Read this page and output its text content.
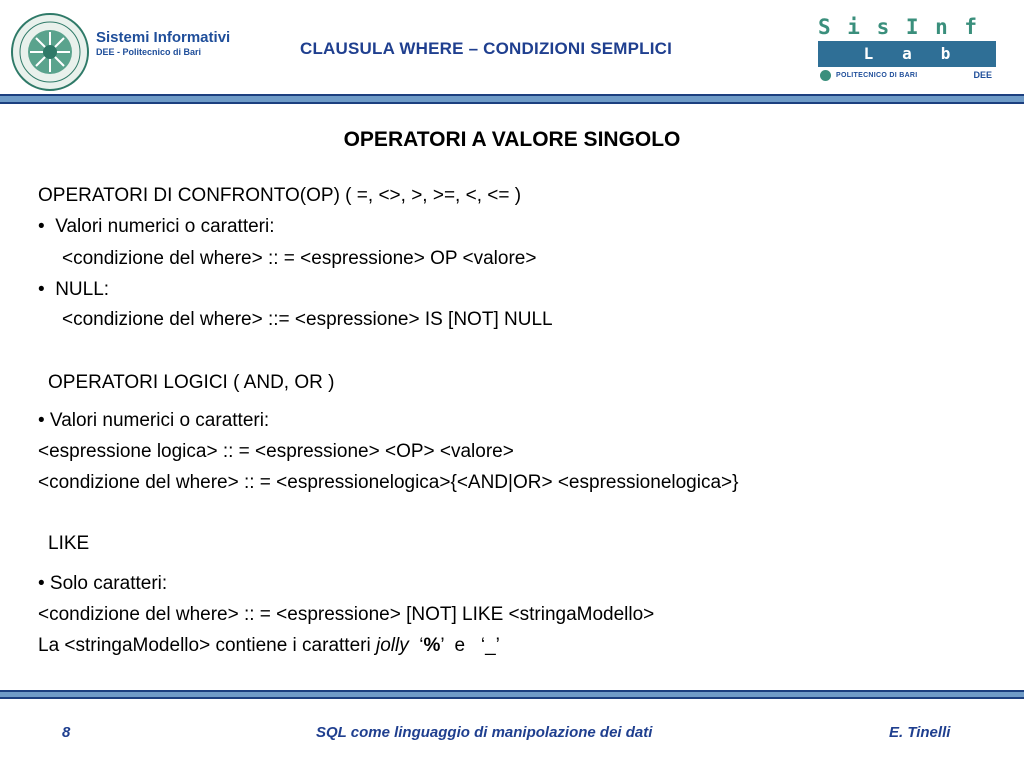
Sistemi Informativi
DEE - Politecnico di Bari	CLAUSULA WHERE – CONDIZIONI SEMPLICI
S i s I n f
L   a   b
POLITECNICO DI BARI	DEE
OPERATORI A VALORE SINGOLO
OPERATORI DI CONFRONTO(OP) ( =, <>, >, >=, <, <= )
•  Valori numerici o caratteri:
<condizione del where> :: = <espressione> OP <valore>
•  NULL:
<condizione del where> ::= <espressione> IS [NOT] NULL
OPERATORI LOGICI ( AND, OR )
• Valori numerici o caratteri:
<espressione logica> :: = <espressione> <OP> <valore>
<condizione del where> :: = <espressionelogica>{<AND|OR> <espressionelogica>}
LIKE
• Solo caratteri:
<condizione del where> :: = <espressione> [NOT] LIKE <stringaModello>
La <stringaModello> contiene i caratteri jolly  ‘%’  e   ‘_’
8	SQL come linguaggio di manipolazione dei dati	E. Tinelli
